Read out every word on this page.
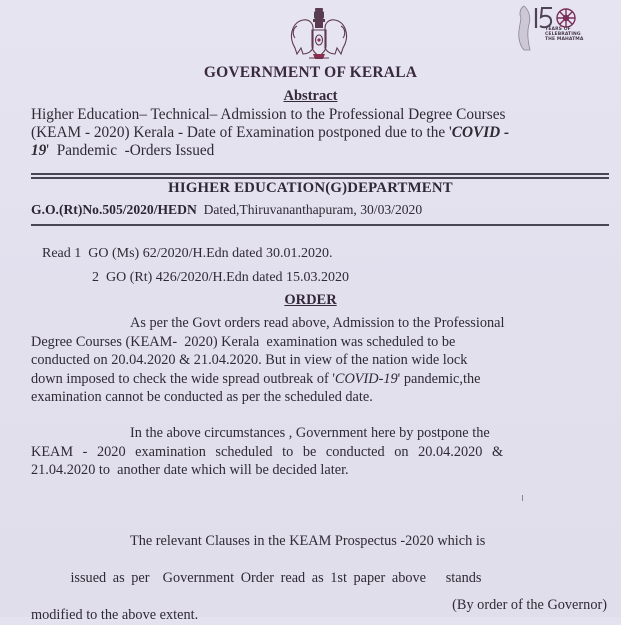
YEARS OF
CELEBRATING
THE MAHATMA
GOVERNMENT OF KERALA
Abstract
Higher Education– Technical– Admission to the Professional Degree Courses
(KEAM - 2020) Kerala - Date of Examination postponed due to the 'COVID -
19'  Pandemic  -Orders Issued
HIGHER EDUCATION(G)DEPARTMENT
G.O.(Rt)No.505/2020/HEDN Dated,Thiruvananthapuram, 30/03/2020
Read 1 GO (Ms) 62/2020/H.Edn dated 30.01.2020.
2 GO (Rt) 426/2020/H.Edn dated 15.03.2020
ORDER
As per the Govt orders read above, Admission to the Professional
Degree Courses (KEAM-  2020) Kerala  examination was scheduled to be
conducted on 20.04.2020 & 21.04.2020. But in view of the nation wide lock
down imposed to check the wide spread outbreak of 'COVID-19' pandemic,the
examination cannot be conducted as per the scheduled date.
In the above circumstances , Government here by postpone the
KEAM - 2020 examination scheduled to be conducted on 20.04.2020 &
21.04.2020 to  another date which will be decided later.
The relevant Clauses in the KEAM Prospectus -2020 which is

issued as per  Government Order read as 1st paper above   stands

modified to the above extent.
(By order of the Governor)
